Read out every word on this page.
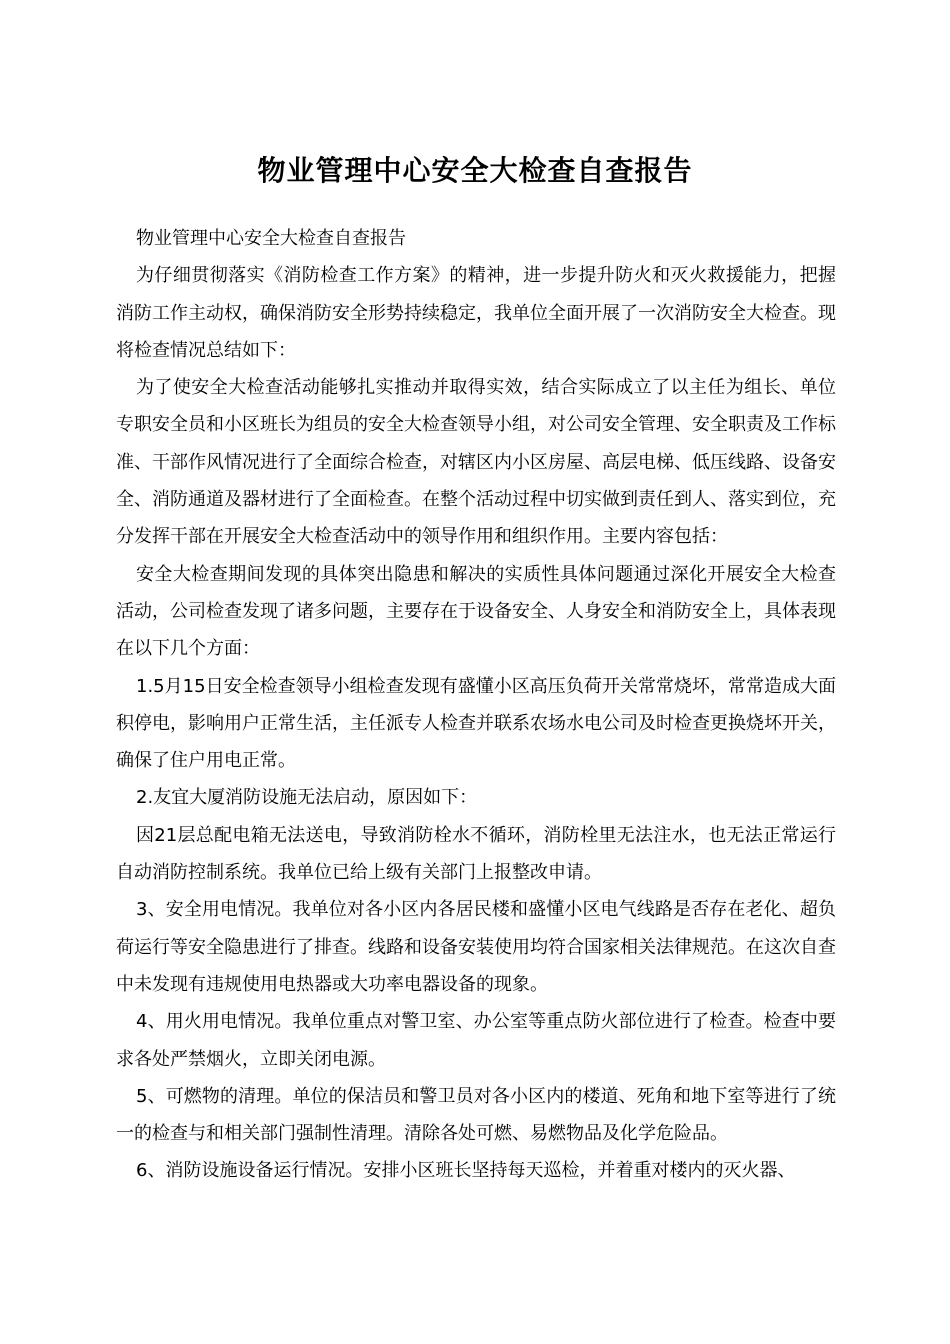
物业管理中心安全大检查自查报告

物业管理中心安全大检查自查报告

为仔细贯彻落实《消防检查工作方案》的精神，进一步提升防火和灭火救援能力，把握消防工作主动权，确保消防安全形势持续稳定，我单位全面开展了一次消防安全大检查。现将检查情况总结如下：

为了使安全大检查活动能够扎实推动并取得实效，结合实际成立了以主任为组长、单位专职安全员和小区班长为组员的安全大检查领导小组，对公司安全管理、安全职责及工作标准、干部作风情况进行了全面综合检查，对辖区内小区房屋、高层电梯、低压线路、设备安全、消防通道及器材进行了全面检查。在整个活动过程中切实做到责任到人、落实到位，充分发挥干部在开展安全大检查活动中的领导作用和组织作用。主要内容包括：

安全大检查期间发现的具体突出隐患和解决的实质性具体问题通过深化开展安全大检查活动，公司检查发现了诸多问题，主要存在于设备安全、人身安全和消防安全上，具体表现在以下几个方面：

1.5月15日安全检查领导小组检查发现有盛懂小区高压负荷开关常常烧坏，常常造成大面积停电，影响用户正常生活，主任派专人检查并联系农场水电公司及时检查更换烧坏开关，确保了住户用电正常。

2.友宜大厦消防设施无法启动，原因如下：

因21层总配电箱无法送电，导致消防栓水不循环，消防栓里无法注水，也无法正常运行自动消防控制系统。我单位已给上级有关部门上报整改申请。

3、安全用电情况。我单位对各小区内各居民楼和盛懂小区电气线路是否存在老化、超负荷运行等安全隐患进行了排查。线路和设备安装使用均符合国家相关法律规范。在这次自查中未发现有违规使用电热器或大功率电器设备的现象。

4、用火用电情况。我单位重点对警卫室、办公室等重点防火部位进行了检查。检查中要求各处严禁烟火，立即关闭电源。

5、可燃物的清理。单位的保洁员和警卫员对各小区内的楼道、死角和地下室等进行了统一的检查与和相关部门强制性清理。清除各处可燃、易燃物品及化学危险品。

6、消防设施设备运行情况。安排小区班长坚持每天巡检，并着重对楼内的灭火器、
